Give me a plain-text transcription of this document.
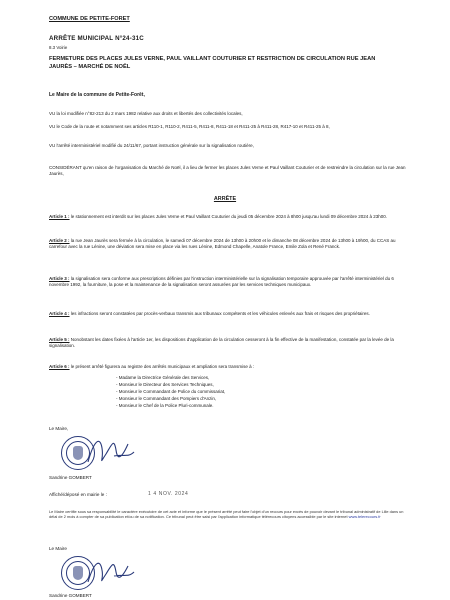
COMMUNE DE PETITE-FORET
ARRÊTE MUNICIPAL N°24-31C
8.3 Voirie
FERMETURE DES PLACES JULES VERNE, PAUL VAILLANT COUTURIER ET RESTRICTION DE CIRCULATION RUE JEAN JAURÈS – MARCHÉ DE NOËL
Le Maire de la commune de Petite-Forêt,
VU la loi modifiée n°82-213 du 2 mars 1982 relative aux droits et libertés des collectivités locales,
VU le Code de la route et notamment ses articles R110-1, R110-2, R411-5, R411-8, R411-18 et R411-25 à R411-28, R417-10 et R411-25 à 8,
VU l'arrêté interministériel modifié du 24/11/67, portant instruction générale sur la signalisation routière,
CONSIDÉRANT qu'en raison de l'organisation du Marché de Noël, il a lieu de fermer les places Jules Verne et Paul Vaillant Couturier et de restreindre la circulation sur la rue Jean Jaurès,
ARRÊTE
Article 1 : le stationnement est interdit sur les places Jules Verne et Paul Vaillant Couturier du jeudi 05 décembre 2024 à 8h00 jusqu'au lundi 09 décembre 2024 à 23h00.
Article 2 : la rue Jean Jaurès sera fermée à la circulation, le samedi 07 décembre 2024 de 13h00 à 20h00 et le dimanche 08 décembre 2024 de 13h00 à 19h00, du CCAS au carrefour avec la rue Lénine, une déviation sera mise en place via les rues Lénine, Edmond Chapelle, Anatole France, Emile Zola et René Franck.
Article 3 : la signalisation sera conforme aux prescriptions définies par l'instruction interministérielle sur la signalisation temporaire approuvée par l'arrêté interministériel du 6 novembre 1992, la fourniture, la pose et la maintenance de la signalisation seront assurées par les services techniques municipaux.
Article 4 : les infractions seront constatées par procès-verbaux transmis aux tribunaux compétents et les véhicules enlevés aux frais et risques des propriétaires.
Article 5 : Nonobstant les dates fixées à l'article 1er, les dispositions d'application de la circulation cesseront à la fin effective de la manifestation, constatée par la levée de la signalisation.
Article 6 : le présent arrêté figurera au registre des arrêtés municipaux et ampliation sera transmise à :
- Madame la Directrice Générale des Services,
- Monsieur le Directeur des Services Techniques,
- Monsieur le Commandant de Police du commissariat,
- Monsieur le Commandant des Pompiers d'Anzin,
- Monsieur le Chef de la Police Pluri-communale.
Le Maire,
Sandrine GOMBERT
Affiché/déposé en mairie le :	1 4 NOV. 2024
Le Maire certifie sous sa responsabilité le caractère exécutoire de cet acte et informe que le présent arrêté peut faire l'objet d'un recours pour excès de pouvoir devant le tribunal administratif de Lille dans un délai de 2 mois à compter de sa publication et/ou de sa notification. Ce tribunal peut être saisi par l'application informatique télérecours citoyens accessible par le site internet www.telerecours.fr
Le Maire
Sandrine GOMBERT
